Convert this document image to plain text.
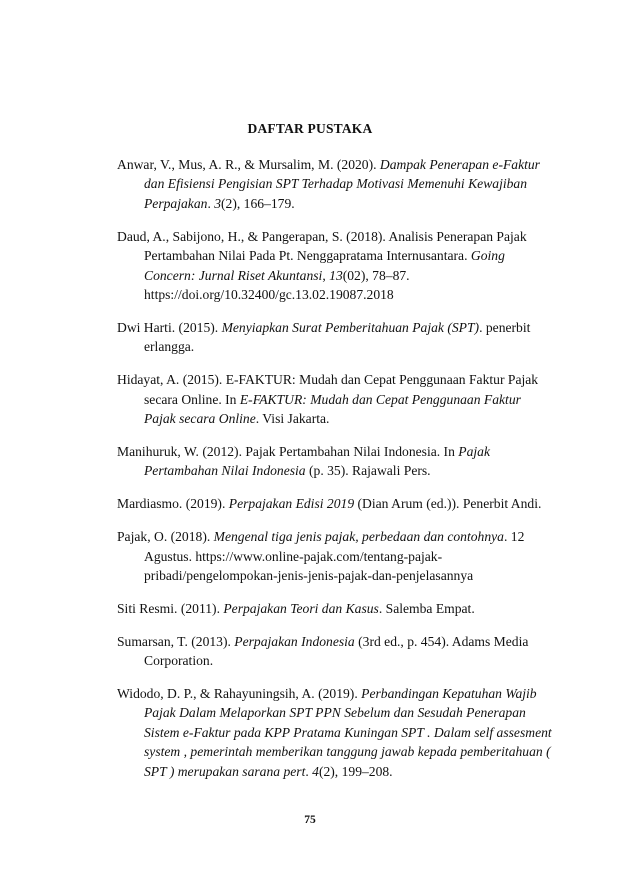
DAFTAR PUSTAKA

Anwar, V., Mus, A. R., & Mursalim, M. (2020). Dampak Penerapan e-Faktur dan Efisiensi Pengisian SPT Terhadap Motivasi Memenuhi Kewajiban Perpajakan. 3(2), 166–179.

Daud, A., Sabijono, H., & Pangerapan, S. (2018). Analisis Penerapan Pajak Pertambahan Nilai Pada Pt. Nenggapratama Internusantara. Going Concern: Jurnal Riset Akuntansi, 13(02), 78–87. https://doi.org/10.32400/gc.13.02.19087.2018

Dwi Harti. (2015). Menyiapkan Surat Pemberitahuan Pajak (SPT). penerbit erlangga.

Hidayat, A. (2015). E-FAKTUR: Mudah dan Cepat Penggunaan Faktur Pajak secara Online. In E-FAKTUR: Mudah dan Cepat Penggunaan Faktur Pajak secara Online. Visi Jakarta.

Manihuruk, W. (2012). Pajak Pertambahan Nilai Indonesia. In Pajak Pertambahan Nilai Indonesia (p. 35). Rajawali Pers.

Mardiasmo. (2019). Perpajakan Edisi 2019 (Dian Arum (ed.)). Penerbit Andi.

Pajak, O. (2018). Mengenal tiga jenis pajak, perbedaan dan contohnya. 12 Agustus. https://www.online-pajak.com/tentang-pajak-pribadi/pengelompokan-jenis-jenis-pajak-dan-penjelasannya

Siti Resmi. (2011). Perpajakan Teori dan Kasus. Salemba Empat.

Sumarsan, T. (2013). Perpajakan Indonesia (3rd ed., p. 454). Adams Media Corporation.

Widodo, D. P., & Rahayuningsih, A. (2019). Perbandingan Kepatuhan Wajib Pajak Dalam Melaporkan SPT PPN Sebelum dan Sesudah Penerapan Sistem e-Faktur pada KPP Pratama Kuningan SPT . Dalam self assesment system , pemerintah memberikan tanggung jawab kepada pemberitahuan ( SPT ) merupakan sarana pert. 4(2), 199–208.

75
